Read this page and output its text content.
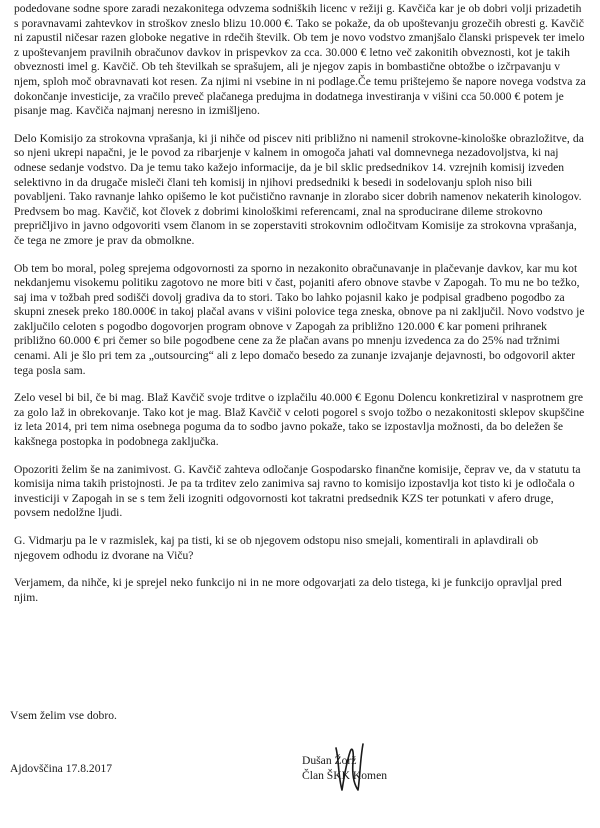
podedovane sodne spore zaradi nezakonitega odvzema sodniških licenc v režiji g. Kavčiča kar je ob dobri volji prizadetih s poravnavami zahtevkov in stroškov zneslo blizu 10.000 €. Tako se pokaže, da ob upoštevanju grozečih obresti g. Kavčič ni zapustil ničesar razen globoke negative in rdečih številk. Ob tem je novo vodstvo zmanjšalo članski prispevek ter imelo z upoštevanjem pravilnih obračunov davkov in prispevkov za cca. 30.000 € letno več zakonitih obveznosti, kot je takih obveznosti imel g. Kavčič. Ob teh številkah se sprašujem, ali je njegov zapis in bombastične obtožbe o izčrpavanju v njem, sploh moč obravnavati kot resen. Za njimi ni vsebine in ni podlage.Če temu prištejemo še napore novega vodstva za dokončanje investicije, za vračilo preveč plačanega predujma in dodatnega investiranja v višini cca 50.000 € potem je pisanje mag. Kavčiča najmanj neresno in izmišljeno.

Delo Komisijo za strokovna vprašanja, ki ji nihče od piscev niti približno ni namenil strokovne-kinološke obrazložitve, da so njeni ukrepi napačni, je le povod za ribarjenje v kalnem in omogoča jahati val domnevnega nezadovoljstva, ki naj odnese sedanje vodstvo. Da je temu tako kažejo informacije, da je bil sklic predsednikov 14. vzrejnih komisij izveden selektivno in da drugače misleči člani teh komisij in njihovi predsedniki k besedi in sodelovanju sploh niso bili povabljeni. Tako ravnanje lahko opišemo le kot pučistično ravnanje in zlorabo sicer dobrih namenov nekaterih kinologov. Predvsem bo mag. Kavčič, kot človek z dobrimi kinološkimi referencami, znal na sproducirane dileme strokovno prepričljivo in javno odgovoriti vsem članom in se zoperstaviti strokovnim odločitvam Komisije za strokovna vprašanja, če tega ne zmore je prav da obmolkne.

Ob tem bo moral, poleg sprejema odgovornosti za sporno in nezakonito obračunavanje in plačevanje davkov, kar mu kot nekdanjemu visokemu politiku zagotovo ne more biti v čast, pojaniti afero obnove stavbe v Zapogah. To mu ne bo težko, saj ima v tožbah pred sodišči dovolj gradiva da to stori. Tako bo lahko pojasnil kako je podpisal gradbeno pogodbo za skupni znesek preko 180.000€ in takoj plačal avans v višini polovice tega zneska, obnove pa ni zaključil. Novo vodstvo je zaključilo celoten s pogodbo dogovorjen program obnove v Zapogah za približno 120.000 € kar pomeni prihranek približno 60.000 € pri čemer so bile pogodbene cene za že plačan avans po mnenju izvedenca za do 25% nad tržnimi cenami. Ali je šlo pri tem za „outsourcing“ ali z lepo domačo besedo za zunanje izvajanje dejavnosti, bo odgovoril akter tega posla sam.

Zelo vesel bi bil, če bi mag. Blaž Kavčič svoje trditve o izplačilu 40.000 € Egonu Dolencu konkretiziral v nasprotnem gre za golo laž in obrekovanje. Tako kot je mag. Blaž Kavčič v celoti pogorel s svojo tožbo o nezakonitosti sklepov skupščine iz leta 2014, pri tem nima osebnega poguma da to sodbo javno pokaže, tako se izpostavlja možnosti, da bo deležen še kakšnega postopka in podobnega zaključka.

Opozoriti želim še na zanimivost. G. Kavčič zahteva odločanje Gospodarsko finančne komisije, čeprav ve, da v statutu ta komisija nima takih pristojnosti. Je pa ta trditev zelo zanimiva saj ravno to komisijo izpostavlja kot tisto ki je odločala o investiciji v Zapogah in se s tem želi izogniti odgovornosti kot takratni predsednik KZS ter potunkati v afero druge, povsem nedolžne ljudi.

G. Vidmarju pa le v razmislek, kaj pa tisti, ki se ob njegovem odstopu niso smejali, komentirali in aplavdirali ob njegovem odhodu iz dvorane na Viču?

Verjamem, da nihče, ki je sprejel neko funkcijo ni in ne more odgovarjati za delo tistega, ki je funkcijo opravljal pred njim.

Vsem želim vse dobro.
Ajdovščina 17.8.2017
Dušan Žorž
Član ŠKK Komen
